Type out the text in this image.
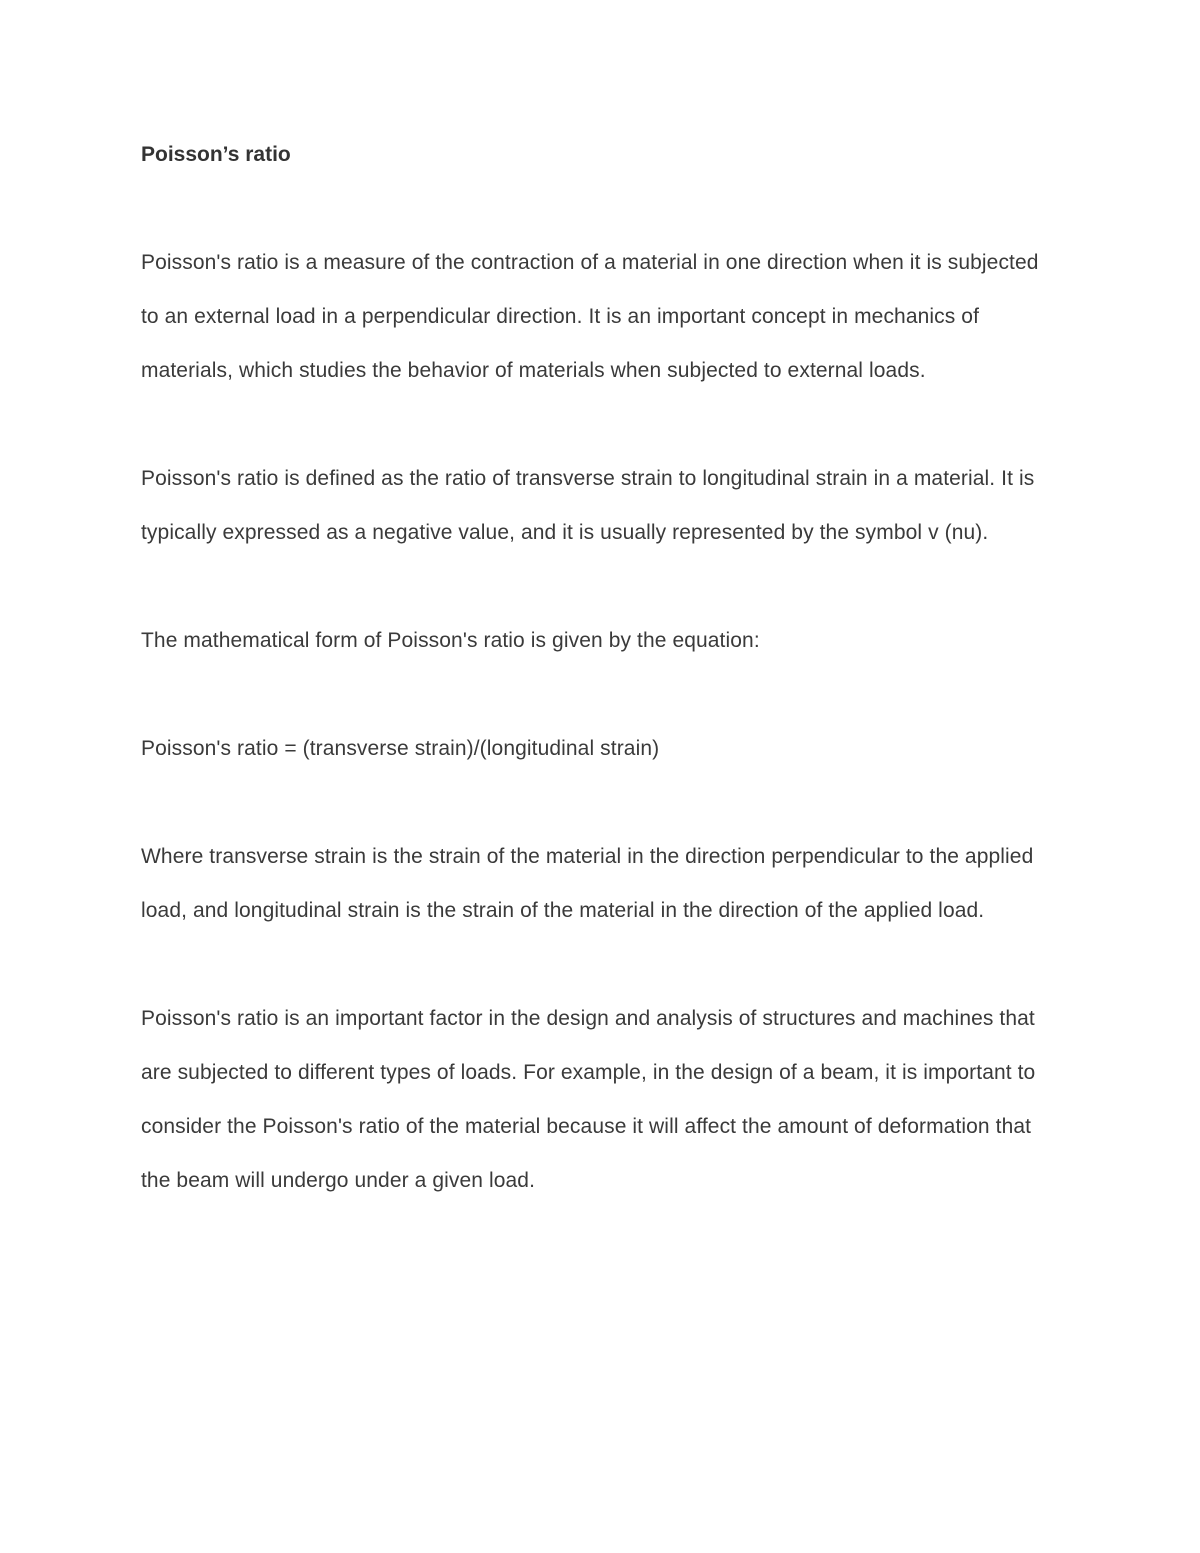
Poisson’s ratio

Poisson's ratio is a measure of the contraction of a material in one direction when it is subjected to an external load in a perpendicular direction. It is an important concept in mechanics of materials, which studies the behavior of materials when subjected to external loads.

Poisson's ratio is defined as the ratio of transverse strain to longitudinal strain in a material. It is typically expressed as a negative value, and it is usually represented by the symbol v (nu).

The mathematical form of Poisson's ratio is given by the equation:

Poisson's ratio = (transverse strain)/(longitudinal strain)

Where transverse strain is the strain of the material in the direction perpendicular to the applied load, and longitudinal strain is the strain of the material in the direction of the applied load.

Poisson's ratio is an important factor in the design and analysis of structures and machines that are subjected to different types of loads. For example, in the design of a beam, it is important to consider the Poisson's ratio of the material because it will affect the amount of deformation that the beam will undergo under a given load.
